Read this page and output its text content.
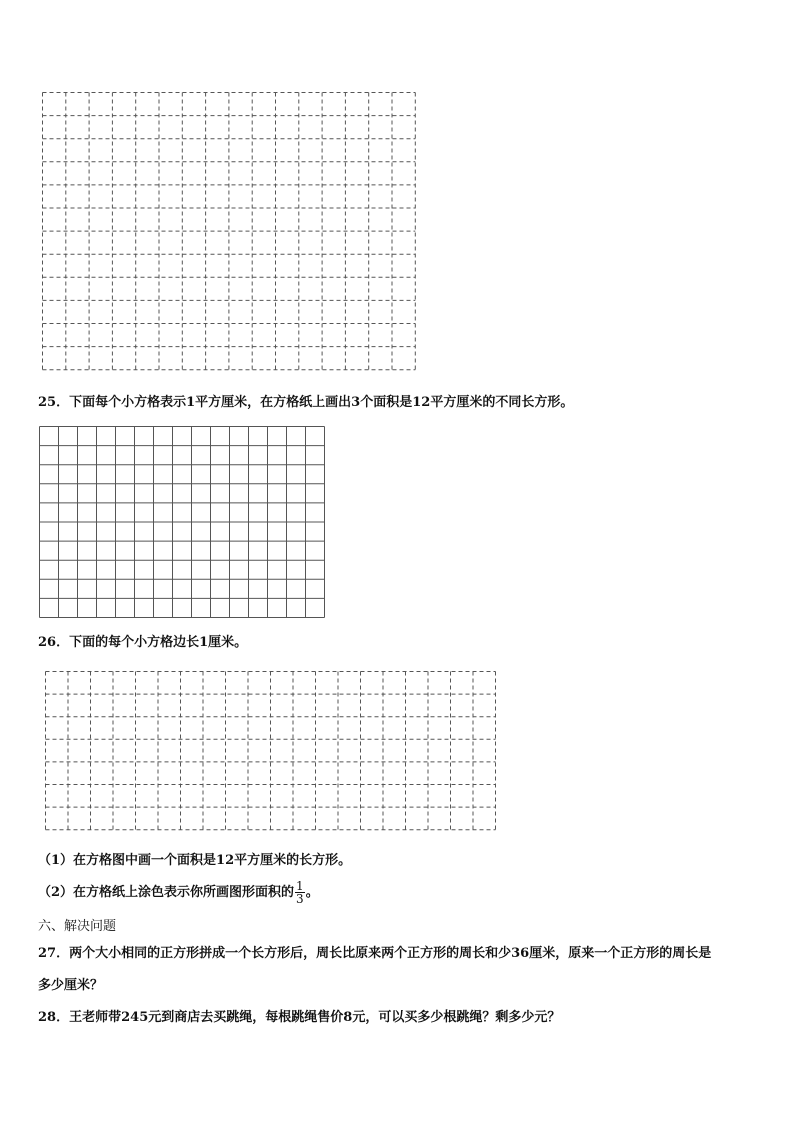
25．下面每个小方格表示1平方厘米，在方格纸上画出3个面积是12平方厘米的不同长方形。
26．下面的每个小方格边长1厘米。
（1）在方格图中画一个面积是12平方厘米的长方形。
（2）在方格纸上涂色表示你所画图形面积的 $\frac{1}{3}$ 。
六、解决问题
27．两个大小相同的正方形拼成一个长方形后，周长比原来两个正方形的周长和少36厘米，原来一个正方形的周长是
多少厘米？
28．王老师带245元到商店去买跳绳，每根跳绳售价8元，可以买多少根跳绳？剩多少元？
